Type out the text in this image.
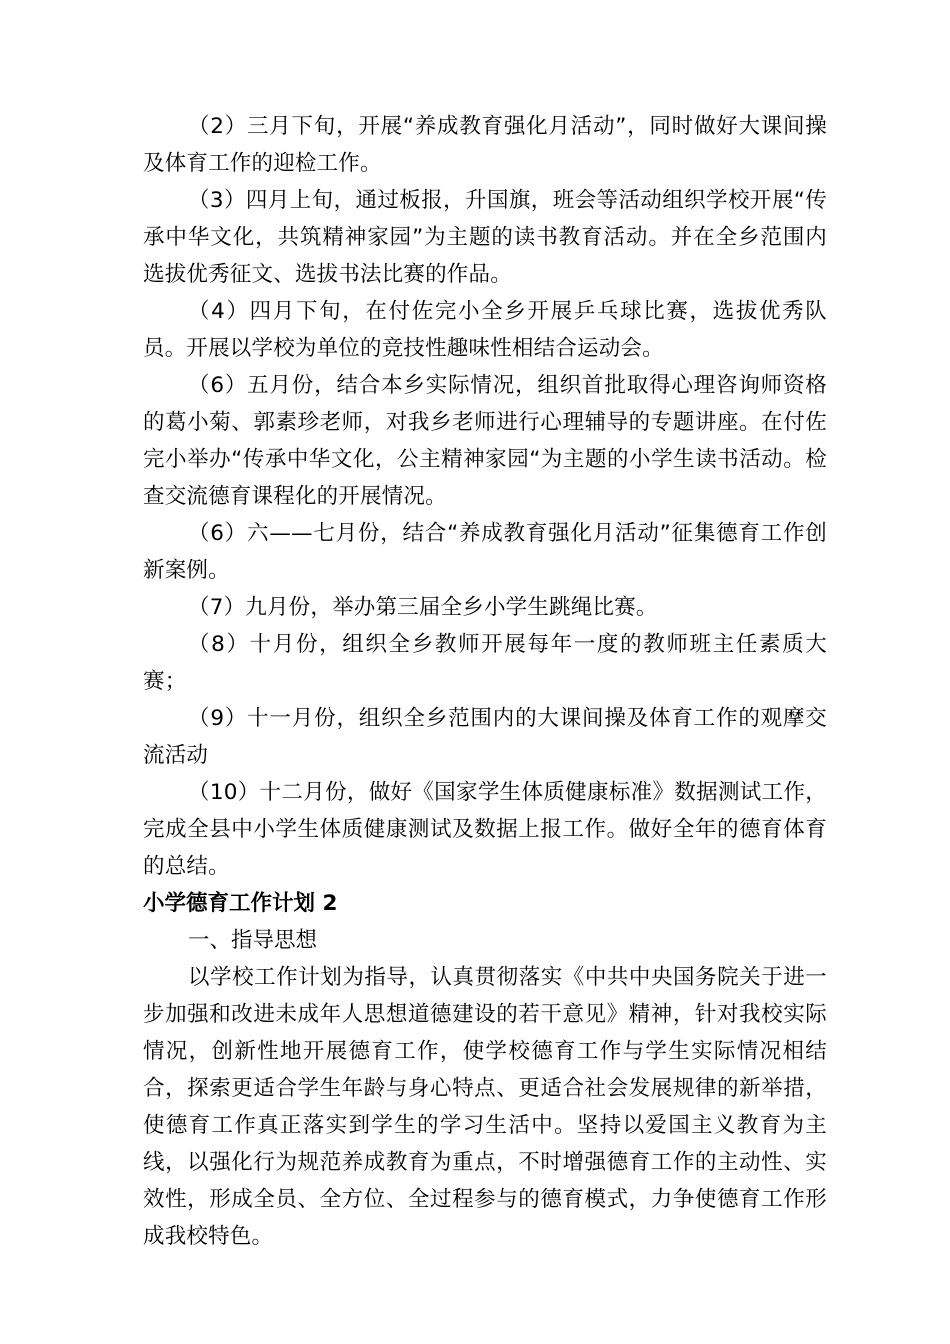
（2）三月下旬，开展“养成教育强化月活动”，同时做好大课间操及体育工作的迎检工作。

（3）四月上旬，通过板报，升国旗，班会等活动组织学校开展“传承中华文化，共筑精神家园”为主题的读书教育活动。并在全乡范围内选拔优秀征文、选拔书法比赛的作品。

（4）四月下旬，在付佐完小全乡开展乒乓球比赛，选拔优秀队员。开展以学校为单位的竞技性趣味性相结合运动会。

（6）五月份，结合本乡实际情况，组织首批取得心理咨询师资格的葛小菊、郭素珍老师，对我乡老师进行心理辅导的专题讲座。在付佐完小举办“传承中华文化，公主精神家园“为主题的小学生读书活动。检查交流德育课程化的开展情况。

（6）六——七月份，结合“养成教育强化月活动”征集德育工作创新案例。

（7）九月份，举办第三届全乡小学生跳绳比赛。

（8）十月份，组织全乡教师开展每年一度的教师班主任素质大赛；

（9）十一月份，组织全乡范围内的大课间操及体育工作的观摩交流活动

（10）十二月份，做好《国家学生体质健康标准》数据测试工作，完成全县中小学生体质健康测试及数据上报工作。做好全年的德育体育的总结。

小学德育工作计划 2

一、指导思想

以学校工作计划为指导，认真贯彻落实《中共中央国务院关于进一步加强和改进未成年人思想道德建设的若干意见》精神，针对我校实际情况，创新性地开展德育工作，使学校德育工作与学生实际情况相结合，探索更适合学生年龄与身心特点、更适合社会发展规律的新举措，使德育工作真正落实到学生的学习生活中。坚持以爱国主义教育为主线，以强化行为规范养成教育为重点，不时增强德育工作的主动性、实效性，形成全员、全方位、全过程参与的德育模式，力争使德育工作形成我校特色。
